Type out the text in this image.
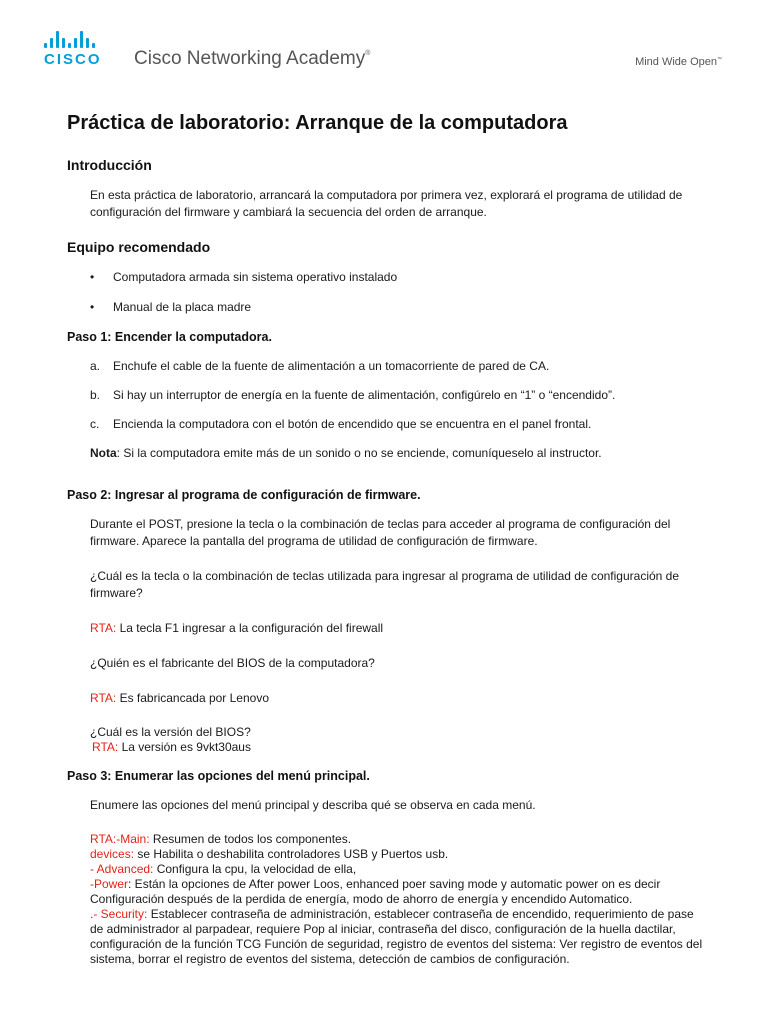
CISCO Cisco Networking Academy®
Mind Wide Open™
Práctica de laboratorio: Arranque de la computadora
Introducción

En esta práctica de laboratorio, arrancará la computadora por primera vez, explorará el programa de utilidad de configuración del firmware y cambiará la secuencia del orden de arranque.

Equipo recomendado
• Computadora armada sin sistema operativo instalado
• Manual de la placa madre
Paso 1: Encender la computadora.
a. Enchufe el cable de la fuente de alimentación a un tomacorriente de pared de CA.
b. Si hay un interruptor de energía en la fuente de alimentación, configúrelo en “1” o “encendido”.
c. Encienda la computadora con el botón de encendido que se encuentra en el panel frontal.
Nota: Si la computadora emite más de un sonido o no se enciende, comuníqueselo al instructor.
Paso 2: Ingresar al programa de configuración de firmware.

Durante el POST, presione la tecla o la combinación de teclas para acceder al programa de configuración del firmware. Aparece la pantalla del programa de utilidad de configuración de firmware.

¿Cuál es la tecla o la combinación de teclas utilizada para ingresar al programa de utilidad de configuración de firmware?

RTA: La tecla F1 ingresar a la configuración del firewall

¿Quién es el fabricante del BIOS de la computadora?

RTA: Es fabricancada por Lenovo

¿Cuál es la versión del BIOS?

RTA: La versión es 9vkt30aus

Paso 3: Enumerar las opciones del menú principal.

Enumere las opciones del menú principal y describa qué se observa en cada menú.

RTA:-Main: Resumen de todos los componentes.

devices: se Habilita o deshabilita controladores USB y Puertos usb.

- Advanced: Configura la cpu, la velocidad de ella,

-Power: Están la opciones de After power Loos, enhanced poer saving mode y automatic power on es decir Configuración después de la perdida de energía, modo de ahorro de energía y encendido Automatico.

.- Security: Establecer contraseña de administración, establecer contraseña de encendido, requerimiento de pase de administrador al parpadear, requiere Pop al iniciar, contraseña del disco, configuración de la huella dactilar, configuración de la función TCG Función de seguridad, registro de eventos del sistema: Ver registro de eventos del sistema, borrar el registro de eventos del sistema, detección de cambios de configuración.
